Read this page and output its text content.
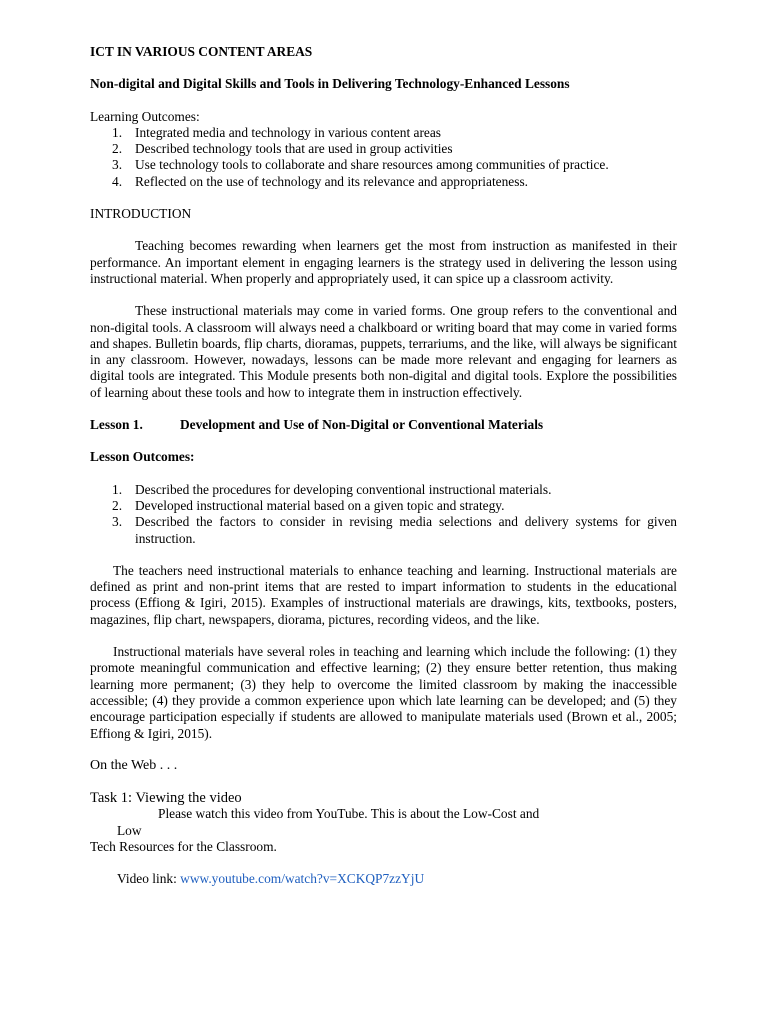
ICT IN VARIOUS CONTENT AREAS

Non-digital and Digital Skills and Tools in Delivering Technology-Enhanced Lessons

Learning Outcomes:

1. Integrated media and technology in various content areas
2. Described technology tools that are used in group activities
3. Use technology tools to collaborate and share resources among communities of practice.
4. Reflected on the use of technology and its relevance and appropriateness.

INTRODUCTION

Teaching becomes rewarding when learners get the most from instruction as manifested in their performance. An important element in engaging learners is the strategy used in delivering the lesson using instructional material. When properly and appropriately used, it can spice up a classroom activity.

These instructional materials may come in varied forms. One group refers to the conventional and non-digital tools. A classroom will always need a chalkboard or writing board that may come in varied forms and shapes. Bulletin boards, flip charts, dioramas, puppets, terrariums, and the like, will always be significant in any classroom. However, nowadays, lessons can be made more relevant and engaging for learners as digital tools are integrated. This Module presents both non-digital and digital tools. Explore the possibilities of learning about these tools and how to integrate them in instruction effectively.

Lesson 1.	Development and Use of Non-Digital or Conventional Materials

Lesson Outcomes:

1. Described the procedures for developing conventional instructional materials.
2. Developed instructional material based on a given topic and strategy.
3. Described the factors to consider in revising media selections and delivery systems for given instruction.

The teachers need instructional materials to enhance teaching and learning. Instructional materials are defined as print and non-print items that are rested to impart information to students in the educational process (Effiong & Igiri, 2015). Examples of instructional materials are drawings, kits, textbooks, posters, magazines, flip chart, newspapers, diorama, pictures, recording videos, and the like.

Instructional materials have several roles in teaching and learning which include the following: (1) they promote meaningful communication and effective learning; (2) they ensure better retention, thus making learning more permanent; (3) they help to overcome the limited classroom by making the inaccessible accessible; (4) they provide a common experience upon which late learning can be developed; and (5) they encourage participation especially if students are allowed to manipulate materials used (Brown et al., 2005; Effiong & Igiri, 2015).

On the Web . . .

Task 1: Viewing the video

Please watch this video from YouTube. This is about the Low-Cost and

Low

Tech Resources for the Classroom.

Video link: www.youtube.com/watch?v=XCKQP7zzYjU
